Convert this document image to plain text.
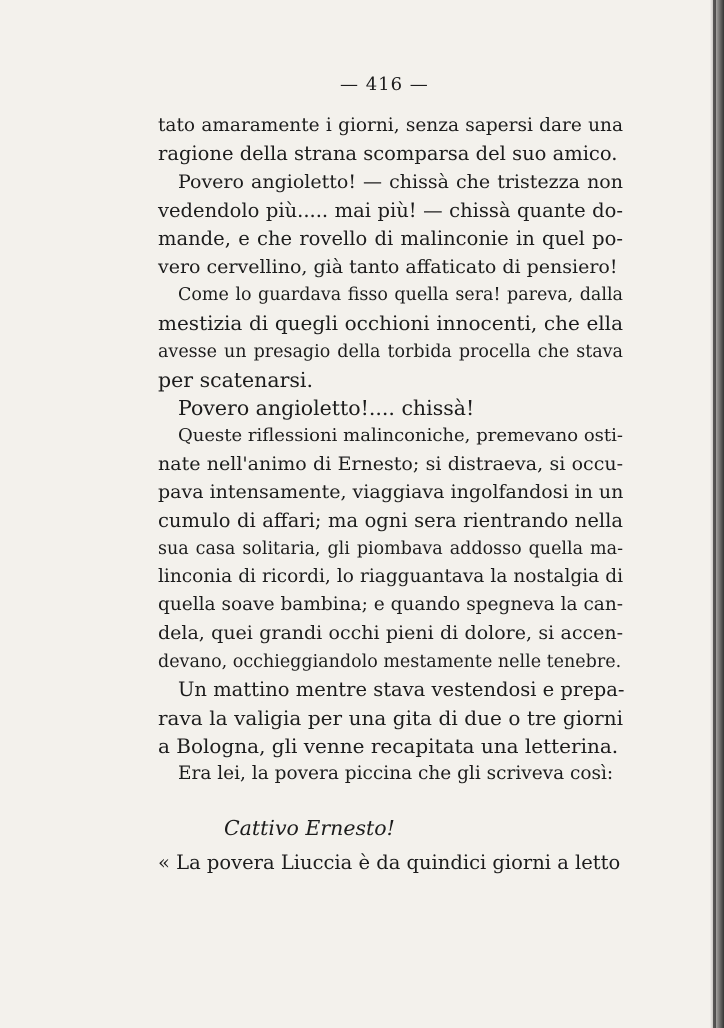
— 416 —
tato amaramente i giorni, senza sapersi dare una
ragione della strana scomparsa del suo amico.
Povero angioletto! — chissà che tristezza non
vedendolo più..... mai più! — chissà quante do-
mande, e che rovello di malinconie in quel po-
vero cervellino, già tanto affaticato di pensiero!
Come lo guardava fisso quella sera! pareva, dalla
mestizia di quegli occhioni innocenti, che ella
avesse un presagio della torbida procella che stava
per scatenarsi.
Povero angioletto!.... chissà!
Queste riflessioni malinconiche, premevano osti-
nate nell'animo di Ernesto; si distraeva, si occu-
pava intensamente, viaggiava ingolfandosi in un
cumulo di affari; ma ogni sera rientrando nella
sua casa solitaria, gli piombava addosso quella ma-
linconia di ricordi, lo riagguantava la nostalgia di
quella soave bambina; e quando spegneva la can-
dela, quei grandi occhi pieni di dolore, si accen-
devano, occhieggiandolo mestamente nelle tenebre.
Un mattino mentre stava vestendosi e prepa-
rava la valigia per una gita di due o tre giorni
a Bologna, gli venne recapitata una letterina.
Era lei, la povera piccina che gli scriveva così:
Cattivo Ernesto!
« La povera Liuccia è da quindici giorni a letto
